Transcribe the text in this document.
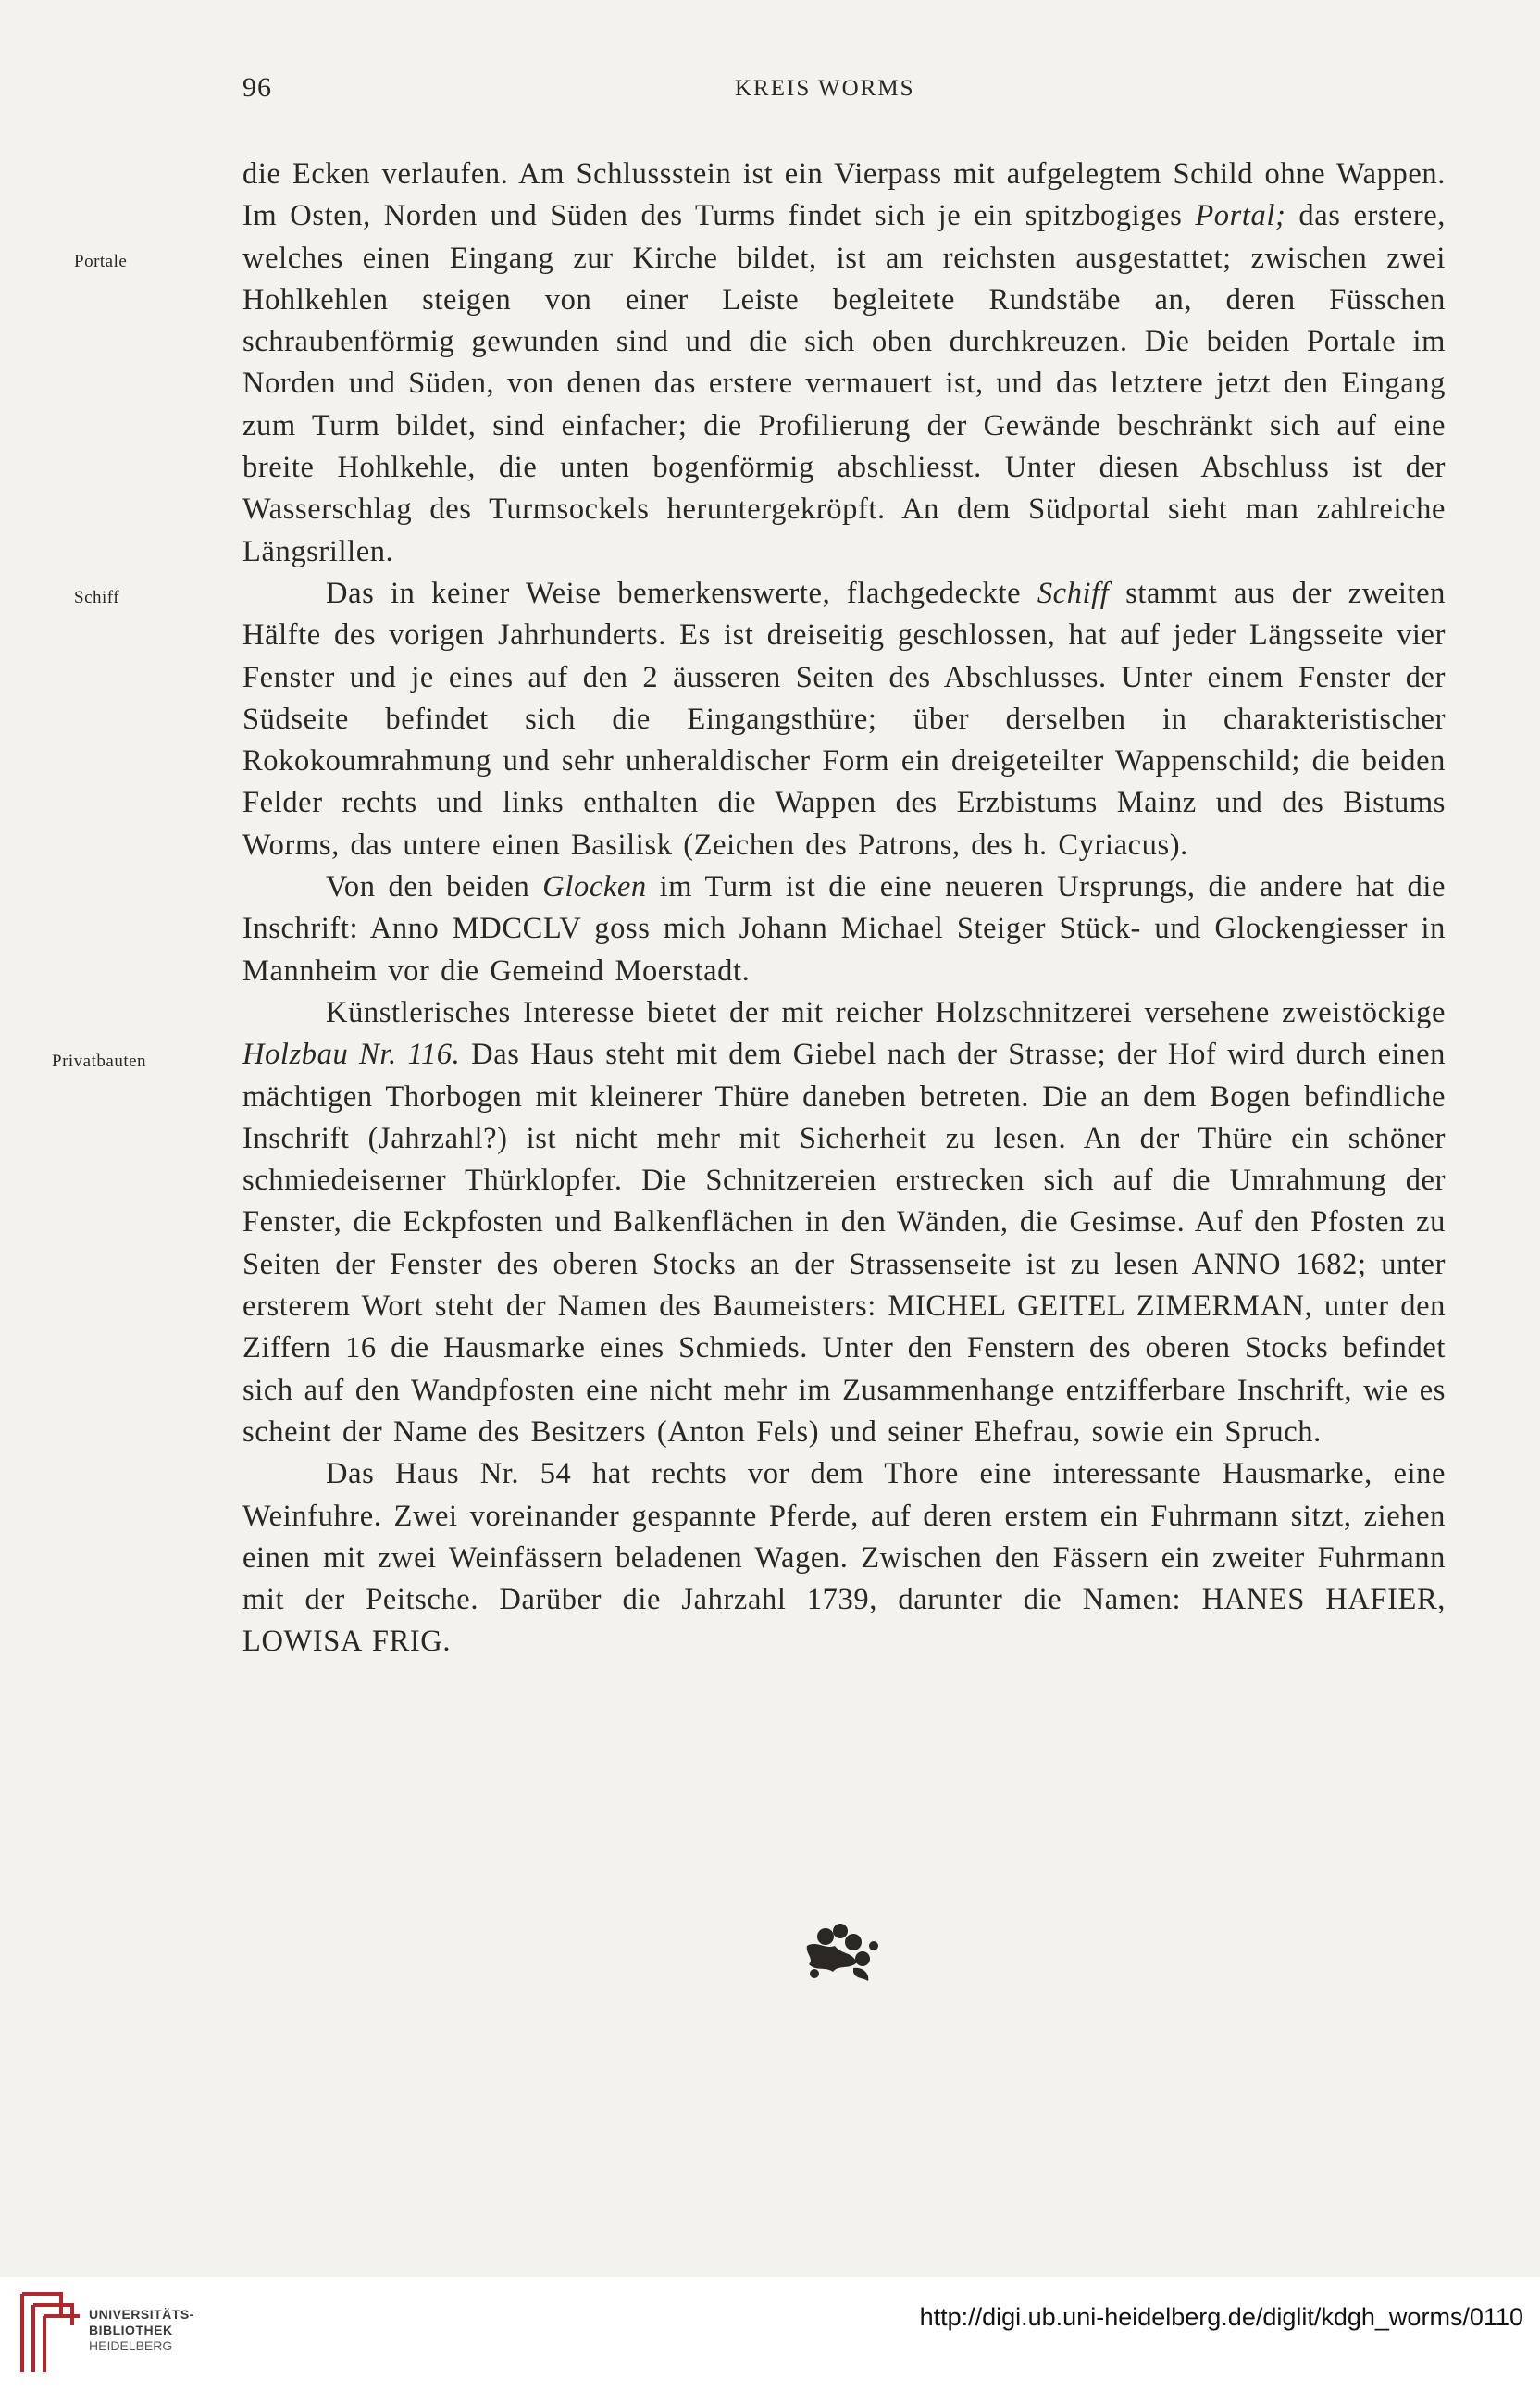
96	KREIS WORMS
Portale
Schiff
Privatbauten

die Ecken verlaufen. Am Schlussstein ist ein Vierpass mit aufgelegtem Schild ohne Wappen. Im Osten, Norden und Süden des Turms findet sich je ein spitzbogiges Portal; das erstere, welches einen Eingang zur Kirche bildet, ist am reichsten ausgestattet; zwischen zwei Hohlkehlen steigen von einer Leiste begleitete Rundstäbe an, deren Füsschen schraubenförmig gewunden sind und die sich oben durchkreuzen. Die beiden Portale im Norden und Süden, von denen das erstere vermauert ist, und das letztere jetzt den Eingang zum Turm bildet, sind einfacher; die Profilierung der Gewände beschränkt sich auf eine breite Hohlkehle, die unten bogenförmig abschliesst. Unter diesen Abschluss ist der Wasserschlag des Turmsockels heruntergekröpft. An dem Südportal sieht man zahlreiche Längsrillen.

Das in keiner Weise bemerkenswerte, flachgedeckte Schiff stammt aus der zweiten Hälfte des vorigen Jahrhunderts. Es ist dreiseitig geschlossen, hat auf jeder Längsseite vier Fenster und je eines auf den 2 äusseren Seiten des Abschlusses. Unter einem Fenster der Südseite befindet sich die Eingangsthüre; über derselben in charakteristischer Rokokoumrahmung und sehr unheraldischer Form ein dreigeteilter Wappenschild; die beiden Felder rechts und links enthalten die Wappen des Erzbistums Mainz und des Bistums Worms, das untere einen Basilisk (Zeichen des Patrons, des h. Cyriacus).

Von den beiden Glocken im Turm ist die eine neueren Ursprungs, die andere hat die Inschrift: Anno MDCCLV goss mich Johann Michael Steiger Stück- und Glockengiesser in Mannheim vor die Gemeind Moerstadt.

Künstlerisches Interesse bietet der mit reicher Holzschnitzerei versehene zweistöckige Holzbau Nr. 116. Das Haus steht mit dem Giebel nach der Strasse; der Hof wird durch einen mächtigen Thorbogen mit kleinerer Thüre daneben betreten. Die an dem Bogen befindliche Inschrift (Jahrzahl?) ist nicht mehr mit Sicherheit zu lesen. An der Thüre ein schöner schmiedeiserner Thürklopfer. Die Schnitzereien erstrecken sich auf die Umrahmung der Fenster, die Eckpfosten und Balkenflächen in den Wänden, die Gesimse. Auf den Pfosten zu Seiten der Fenster des oberen Stocks an der Strassenseite ist zu lesen ANNO 1682; unter ersterem Wort steht der Namen des Baumeisters: MICHEL GEITEL ZIMERMAN, unter den Ziffern 16 die Hausmarke eines Schmieds. Unter den Fenstern des oberen Stocks befindet sich auf den Wandpfosten eine nicht mehr im Zusammenhange entzifferbare Inschrift, wie es scheint der Name des Besitzers (Anton Fels) und seiner Ehefrau, sowie ein Spruch.

Das Haus Nr. 54 hat rechts vor dem Thore eine interessante Hausmarke, eine Weinfuhre. Zwei voreinander gespannte Pferde, auf deren erstem ein Fuhrmann sitzt, ziehen einen mit zwei Weinfässern beladenen Wagen. Zwischen den Fässern ein zweiter Fuhrmann mit der Peitsche. Darüber die Jahrzahl 1739, darunter die Namen: HANES HAFIER, LOWISA FRIG.

UNIVERSITÄTS-
BIBLIOTHEK
HEIDELBERG
http://digi.ub.uni-heidelberg.de/diglit/kdgh_worms/0110
